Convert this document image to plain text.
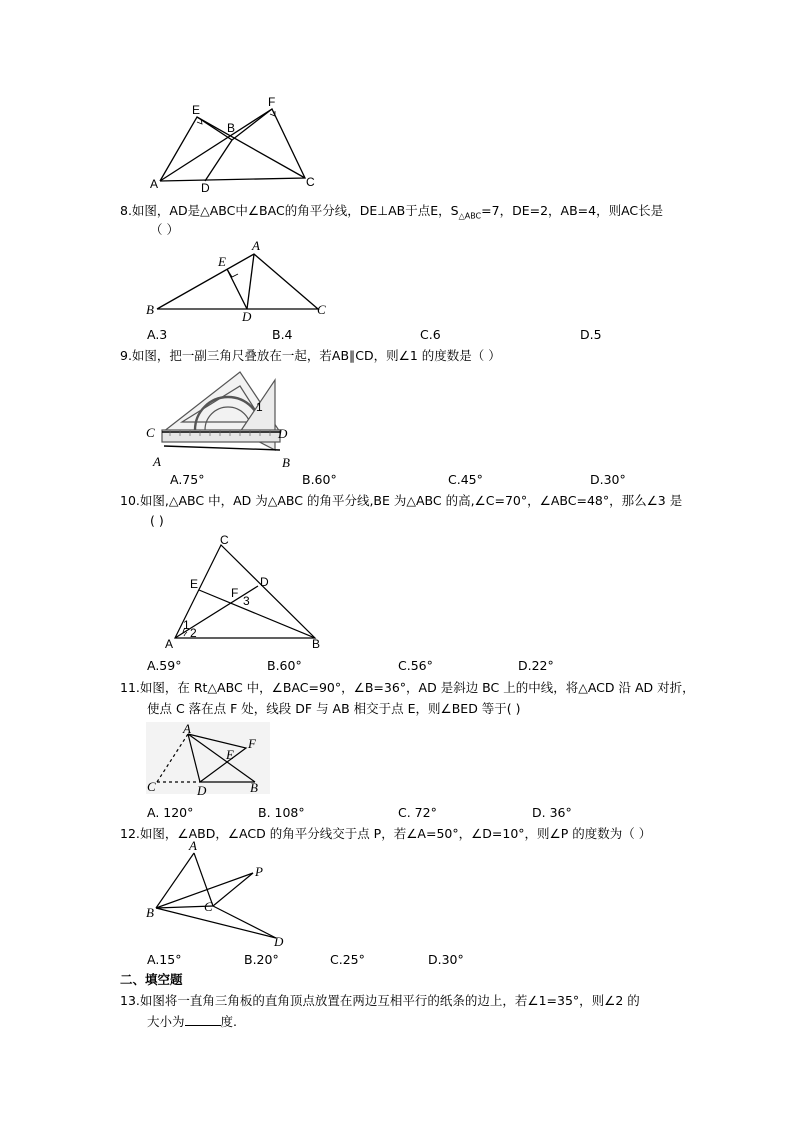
E
F
B
A	D	C
8.如图，AD是△ABC中∠BAC的角平分线，DE⊥AB于点E，$S_{\triangle ABC}=7$，DE=2，AB=4，则AC长是
（ ）
A
E
B	D	C
A.3	B.4	C.6	D.5
9.如图，把一副三角尺叠放在一起，若AB∥CD，则∠1 的度数是（ ）
C	D
A	B
1
A.75°	B.60°	C.45°	D.30°
10.如图,△ABC 中，AD 为△ABC 的角平分线,BE 为△ABC 的高,∠C=70°，∠ABC=48°，那么∠3 是
( )
C
E	D
F
3
1
2
A	B
A.59°	B.60°	C.56°	D.22°
11.如图，在 Rt△ABC 中，∠BAC=90°，∠B=36°，AD 是斜边 BC 上的中线，将△ACD 沿 AD 对折，
使点 C 落在点 F 处，线段 DF 与 AB 相交于点 E，则∠BED 等于( )
A
F
E
C	D	B
A. 120°	B. 108°	C. 72°	D. 36°
12.如图，∠ABD，∠ACD 的角平分线交于点 P，若∠A=50°，∠D=10°，则∠P 的度数为（ ）
A
P
B	C
D
A.15°	B.20°	C.25°	D.30°
二、填空题
13.如图将一直角三角板的直角顶点放置在两边互相平行的纸条的边上，若∠1=35°，则∠2 的
大小为	度.
